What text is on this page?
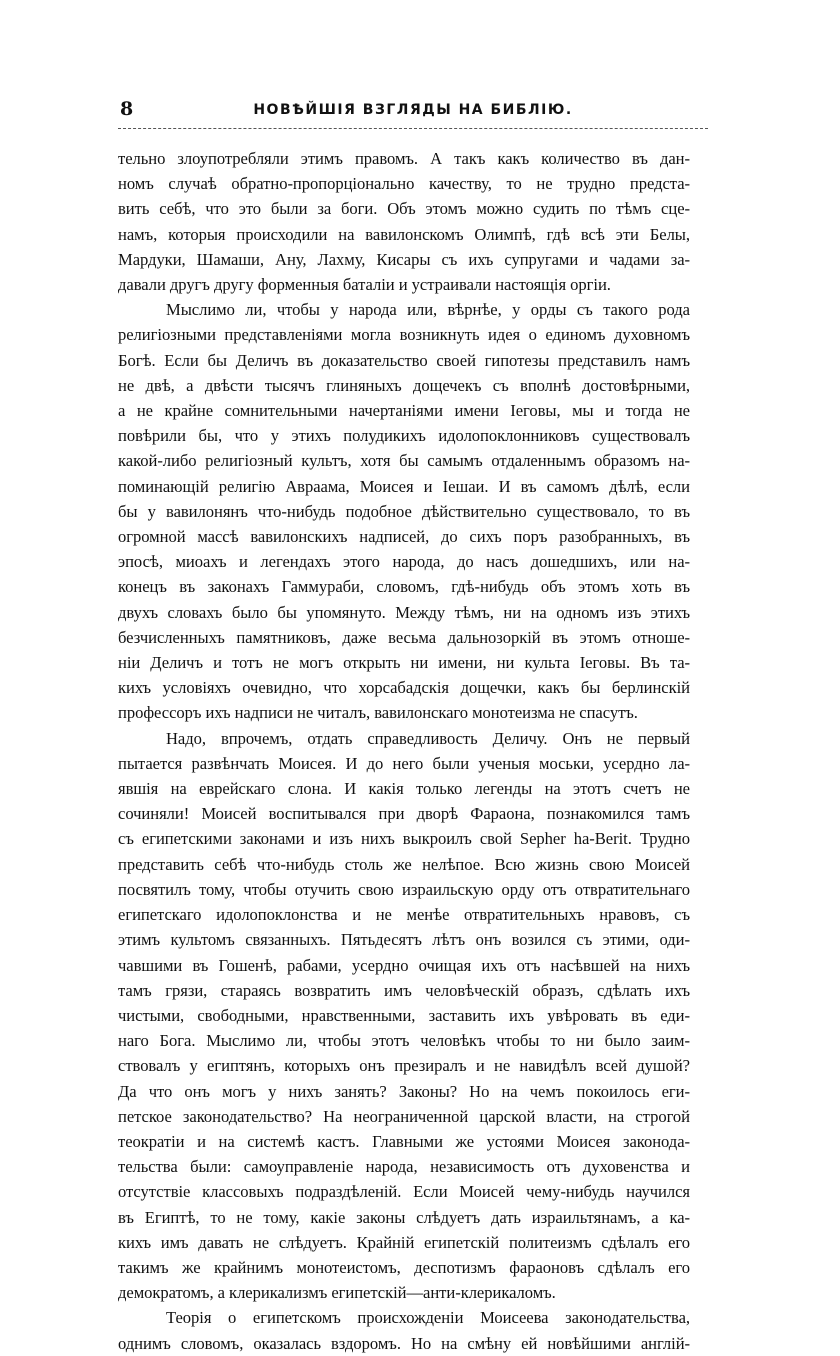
8	НОВѢЙШІЯ ВЗГЛЯДЫ НА БИБЛІЮ.
тельно злоупотребляли этимъ правомъ. А такъ какъ количество въ дан-
номъ случаѣ обратно-пропорціонально качеству, то не трудно предста-
вить себѣ, что это были за боги. Объ этомъ можно судить по тѣмъ сце-
намъ, которыя происходили на вавилонскомъ Олимпѣ, гдѣ всѣ эти Белы,
Мардуки, Шамаши, Ану, Лахму, Кисары съ ихъ супругами и чадами за-
давали другъ другу форменныя баталіи и устраивали настоящія оргіи.
Мыслимо ли, чтобы у народа или, вѣрнѣе, у орды съ такого рода
религіозными представленіями могла возникнуть идея о единомъ духовномъ
Богѣ. Если бы Деличъ въ доказательство своей гипотезы представилъ намъ
не двѣ, а двѣсти тысячъ глиняныхъ дощечекъ съ вполнѣ достовѣрными,
а не крайне сомнительными начертаніями имени Іеговы, мы и тогда не
повѣрили бы, что у этихъ полудикихъ идолопоклонниковъ существовалъ
какой-либо религіозный культъ, хотя бы самымъ отдаленнымъ образомъ на-
поминающій религію Авраама, Моисея и Іешаи. И въ самомъ дѣлѣ, если
бы у вавилонянъ что-нибудь подобное дѣйствительно существовало, то въ
огромной массѣ вавилонскихъ надписей, до сихъ поръ разобранныхъ, въ
эпосѣ, миоахъ и легендахъ этого народа, до насъ дошедшихъ, или на-
конецъ въ законахъ Гаммураби, словомъ, гдѣ-нибудь объ этомъ хоть въ
двухъ словахъ было бы упомянуто. Между тѣмъ, ни на одномъ изъ этихъ
безчисленныхъ памятниковъ, даже весьма дальнозоркій въ этомъ отноше-
ніи Деличъ и тотъ не могъ открыть ни имени, ни культа Іеговы. Въ та-
кихъ условіяхъ очевидно, что хорсабадскія дощечки, какъ бы берлинскій
профессоръ ихъ надписи не читалъ, вавилонскаго монотеизма не спасутъ.
Надо, впрочемъ, отдать справедливость Деличу. Онъ не первый
пытается развѣнчать Моисея. И до него были ученыя моськи, усердно ла-
явшія на еврейскаго слона. И какія только легенды на этотъ счетъ не
сочиняли! Моисей воспитывался при дворѣ Фараона, познакомился тамъ
съ египетскими законами и изъ нихъ выкроилъ свой Sepher ha-Berit. Трудно
представить себѣ что-нибудь столь же нелѣпое. Всю жизнь свою Моисей
посвятилъ тому, чтобы отучить свою израильскую орду отъ отвратительнаго
египетскаго идолопоклонства и не менѣе отвратительныхъ нравовъ, съ
этимъ культомъ связанныхъ. Пятьдесятъ лѣтъ онъ возился съ этими, оди-
чавшими въ Гошенѣ, рабами, усердно очищая ихъ отъ насѣвшей на нихъ
тамъ грязи, стараясь возвратить имъ человѣческій образъ, сдѣлать ихъ
чистыми, свободными, нравственными, заставить ихъ увѣровать въ еди-
наго Бога. Мыслимо ли, чтобы этотъ человѣкъ чтобы то ни было заим-
ствовалъ у египтянъ, которыхъ онъ презиралъ и не навидѣлъ всей душой?
Да что онъ могъ у нихъ занять? Законы? Но на чемъ покоилось еги-
петское законодательство? На неограниченной царской власти, на строгой
теократіи и на системѣ кастъ. Главными же устоями Моисея законода-
тельства были: самоуправленіе народа, независимость отъ духовенства и
отсутствіе классовыхъ подраздѣленій. Если Моисей чему-нибудь научился
въ Египтѣ, то не тому, какіе законы слѣдуетъ дать израильтянамъ, а ка-
кихъ имъ давать не слѣдуетъ. Крайній египетскій политеизмъ сдѣлалъ его
такимъ же крайнимъ монотеистомъ, деспотизмъ фараоновъ сдѣлалъ его
демократомъ, а клерикализмъ египетскій—анти-клерикаломъ.
Теорія о египетскомъ происхожденіи Моисеева законодательства,
однимъ словомъ, оказалась вздоромъ. Но на смѣну ей новѣйшими англій-
